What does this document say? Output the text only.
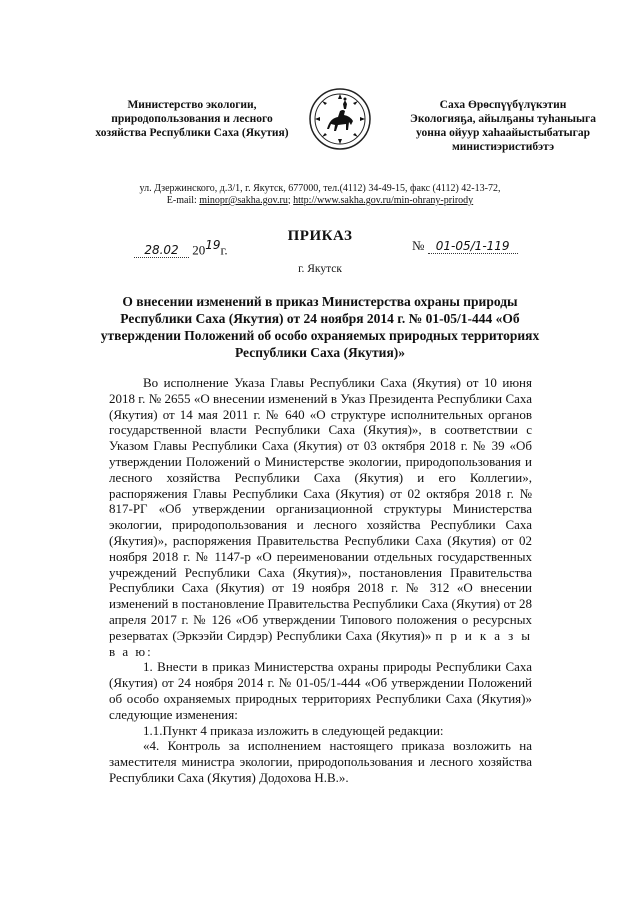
Министерство экологии,
природопользования и лесного
хозяйства Республики Саха (Якутия)
Саха Өрөспүүбүлүкэтин
Экологияҕа, айылҕаны туһаныыга
уонна ойуур хаһаайыстыбатыгар
министиэристибэтэ
ул. Дзержинского, д.3/1, г. Якутск, 677000, тел.(4112) 34-49-15, факс (4112) 42-13-72,
E-mail: minopr@sakha.gov.ru; http://www.sakha.gov.ru/min-ohrany-prirody
ПРИКАЗ
28.02 $20^{19}г$.	№ 01-05/1-119
г. Якутск
О внесении изменений в приказ Министерства охраны природы Республики Саха (Якутия) от 24 ноября 2014 г. № 01-05/1-444 «Об утверждении Положений об особо охраняемых природных территориях Республики Саха (Якутия)»

Во исполнение Указа Главы Республики Саха (Якутия) от 10 июня 2018 г. № 2655 «О внесении изменений в Указ Президента Республики Саха (Якутия) от 14 мая 2011 г. № 640 «О структуре исполнительных органов государственной власти Республики Саха (Якутия)», в соответствии с Указом Главы Республики Саха (Якутия) от 03 октября 2018 г. № 39 «Об утверждении Положений о Министерстве экологии, природопользования и лесного хозяйства Республики Саха (Якутия) и его Коллегии», распоряжения Главы Республики Саха (Якутия) от 02 октября 2018 г. № 817-РГ «Об утверждении организационной структуры Министерства экологии, природопользования и лесного хозяйства Республики Саха (Якутия)», распоряжения Правительства Республики Саха (Якутия) от 02 ноября 2018 г. № 1147-р «О переименовании отдельных государственных учреждений Республики Саха (Якутия)», постановления Правительства Республики Саха (Якутия) от 19 ноября 2018 г. № 312 «О внесении изменений в постановление Правительства Республики Саха (Якутия) от 28 апреля 2017 г. № 126 «Об утверждении Типового положения о ресурсных резерватах (Эркээйи Сирдэр) Республики Саха (Якутия)» п р и к а з ы в а ю:

1. Внести в приказ Министерства охраны природы Республики Саха (Якутия) от 24 ноября 2014 г. № 01-05/1-444 «Об утверждении Положений об особо охраняемых природных территориях Республики Саха (Якутия)» следующие изменения:

1.1.Пункт 4 приказа изложить в следующей редакции:

«4. Контроль за исполнением настоящего приказа возложить на заместителя министра экологии, природопользования и лесного хозяйства Республики Саха (Якутия) Додохова Н.В.».
